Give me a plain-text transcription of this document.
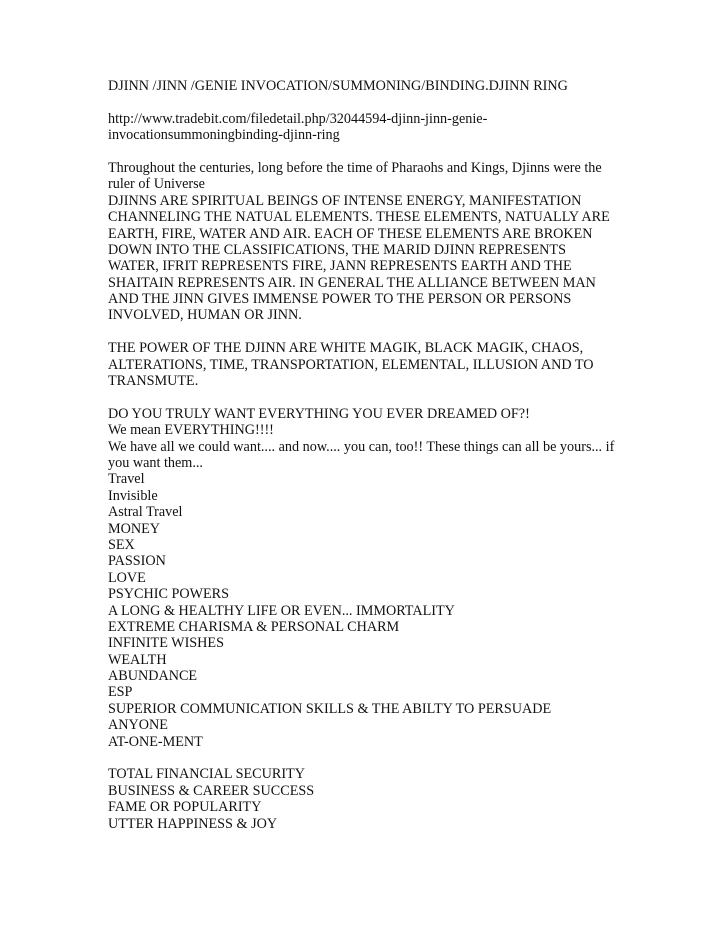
DJINN /JINN /GENIE INVOCATION/SUMMONING/BINDING.DJINN RING
http://www.tradebit.com/filedetail.php/32044594-djinn-jinn-genie-
invocationsummoningbinding-djinn-ring
Throughout the centuries, long before the time of Pharaohs and Kings, Djinns were the
ruler of Universe
DJINNS ARE SPIRITUAL BEINGS OF INTENSE ENERGY, MANIFESTATION
CHANNELING THE NATUAL ELEMENTS. THESE ELEMENTS, NATUALLY ARE
EARTH, FIRE, WATER AND AIR. EACH OF THESE ELEMENTS ARE BROKEN
DOWN INTO THE CLASSIFICATIONS, THE MARID DJINN REPRESENTS
WATER, IFRIT REPRESENTS FIRE, JANN REPRESENTS EARTH AND THE
SHAITAIN REPRESENTS AIR. IN GENERAL THE ALLIANCE BETWEEN MAN
AND THE JINN GIVES IMMENSE POWER TO THE PERSON OR PERSONS
INVOLVED, HUMAN OR JINN.
THE POWER OF THE DJINN ARE WHITE MAGIK, BLACK MAGIK, CHAOS,
ALTERATIONS, TIME, TRANSPORTATION, ELEMENTAL, ILLUSION AND TO
TRANSMUTE.
DO YOU TRULY WANT EVERYTHING YOU EVER DREAMED OF?!
We mean EVERYTHING!!!!
We have all we could want.... and now.... you can, too!! These things can all be yours... if
you want them...
Travel
Invisible
Astral Travel
MONEY
SEX
PASSION
LOVE
PSYCHIC POWERS
A LONG & HEALTHY LIFE OR EVEN... IMMORTALITY
EXTREME CHARISMA & PERSONAL CHARM
INFINITE WISHES
WEALTH
ABUNDANCE
ESP
SUPERIOR COMMUNICATION SKILLS & THE ABILTY TO PERSUADE
ANYONE
AT-ONE-MENT
TOTAL FINANCIAL SECURITY
BUSINESS & CAREER SUCCESS
FAME OR POPULARITY
UTTER HAPPINESS & JOY
